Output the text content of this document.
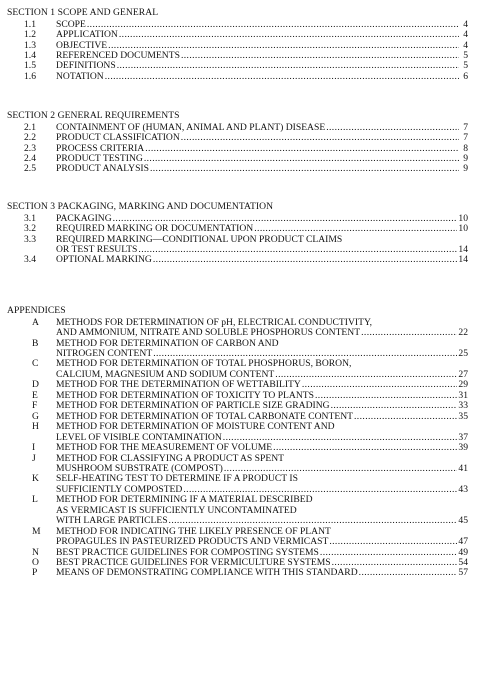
SECTION 1 SCOPE AND GENERAL
1.1 SCOPE .....	4
1.2 APPLICATION .....	4
1.3 OBJECTIVE .....	4
1.4 REFERENCED DOCUMENTS .....	5
1.5 DEFINITIONS .....	5
1.6 NOTATION .....	6
SECTION 2 GENERAL REQUIREMENTS
2.1 CONTAINMENT OF (HUMAN, ANIMAL AND PLANT) DISEASE .....	7
2.2 PRODUCT CLASSIFICATION .....	7
2.3 PROCESS CRITERIA .....	8
2.4 PRODUCT TESTING .....	9
2.5 PRODUCT ANALYSIS .....	9
SECTION 3 PACKAGING, MARKING AND DOCUMENTATION
3.1 PACKAGING .....	10
3.2 REQUIRED MARKING OR DOCUMENTATION .....	10
3.3 REQUIRED MARKING—CONDITIONAL UPON PRODUCT CLAIMS
OR TEST RESULTS .....	14
3.4 OPTIONAL MARKING .....	14
APPENDICES
A METHODS FOR DETERMINATION OF pH, ELECTRICAL CONDUCTIVITY,
AND AMMONIUM, NITRATE AND SOLUBLE PHOSPHORUS CONTENT .....	22
B METHOD FOR DETERMINATION OF CARBON AND
NITROGEN CONTENT .....	25
C METHOD FOR DETERMINATION OF TOTAL PHOSPHORUS, BORON,
CALCIUM, MAGNESIUM AND SODIUM CONTENT .....	27
D METHOD FOR THE DETERMINATION OF WETTABILITY .....	29
E METHOD FOR DETERMINATION OF TOXICITY TO PLANTS .....	31
F METHOD FOR DETERMINATION OF PARTICLE SIZE GRADING .....	33
G METHOD FOR DETERMINATION OF TOTAL CARBONATE CONTENT .....	35
H METHOD FOR DETERMINATION OF MOISTURE CONTENT AND
LEVEL OF VISIBLE CONTAMINATION .....	37
I METHOD FOR THE MEASUREMENT OF VOLUME .....	39
J METHOD FOR CLASSIFYING A PRODUCT AS SPENT
MUSHROOM SUBSTRATE (COMPOST) .....	41
K SELF-HEATING TEST TO DETERMINE IF A PRODUCT IS
SUFFICIENTLY COMPOSTED .....	43
L METHOD FOR DETERMINING IF A MATERIAL DESCRIBED
AS VERMICAST IS SUFFICIENTLY UNCONTAMINATED
WITH LARGE PARTICLES .....	45
M METHOD FOR INDICATING THE LIKELY PRESENCE OF PLANT
PROPAGULES IN PASTEURIZED PRODUCTS AND VERMICAST .....	47
N BEST PRACTICE GUIDELINES FOR COMPOSTING SYSTEMS .....	49
O BEST PRACTICE GUIDELINES FOR VERMICULTURE SYSTEMS .....	54
P MEANS OF DEMONSTRATING COMPLIANCE WITH THIS STANDARD .....	57
